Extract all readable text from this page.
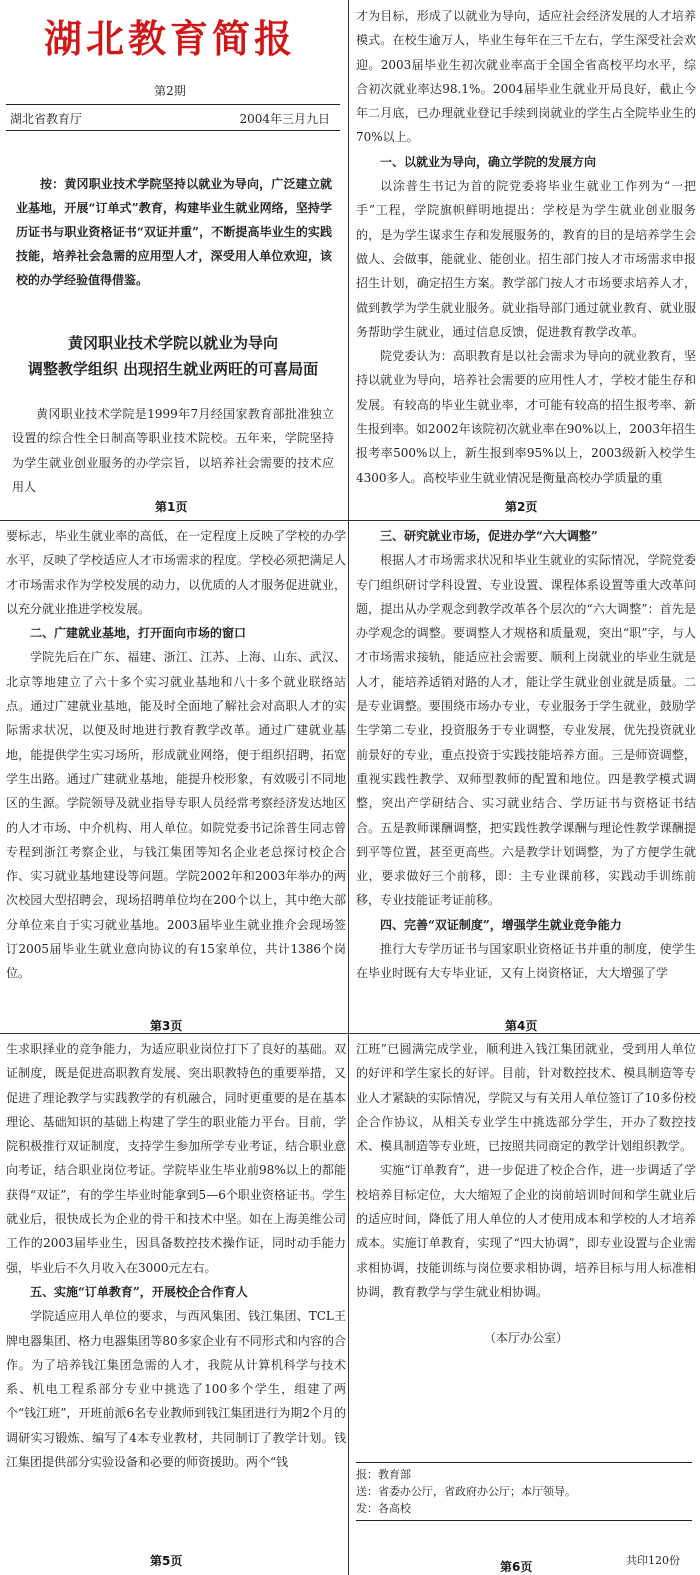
湖北教育简报
第2期
湖北省教育厅	2004年三月九日
按：黄冈职业技术学院坚持以就业为导向，广泛建立就业基地，开展“订单式”教育，构建毕业生就业网络，坚持学历证书与职业资格证书“双证并重”，不断提高毕业生的实践技能，培养社会急需的应用型人才，深受用人单位欢迎，该校的办学经验值得借鉴。
黄冈职业技术学院以就业为导向
调整教学组织 出现招生就业两旺的可喜局面

黄冈职业技术学院是1999年7月经国家教育部批准独立设置的综合性全日制高等职业技术院校。五年来，学院坚持为学生就业创业服务的办学宗旨，以培养社会需要的技术应用人

第1页

才为目标，形成了以就业为导向，适应社会经济发展的人才培养模式。在校生逾万人，毕业生每年在三千左右，学生深受社会欢迎。2003届毕业生初次就业率高于全国全省高校平均水平，综合初次就业率达98.1%。2004届毕业生就业开局良好，截止今年二月底，已办理就业登记手续到岗就业的学生占全院毕业生的70%以上。

一、以就业为导向，确立学院的发展方向

以涂普生书记为首的院党委将毕业生就业工作列为“一把手”工程，学院旗帜鲜明地提出：学校是为学生就业创业服务的，是为学生谋求生存和发展服务的，教育的目的是培养学生会做人、会做事，能就业、能创业。招生部门按人才市场需求申报招生计划，确定招生方案。教学部门按人才市场要求培养人才，做到教学为学生就业服务。就业指导部门通过就业教育、就业服务帮助学生就业，通过信息反馈，促进教育教学改革。

院党委认为：高职教育是以社会需求为导向的就业教育，坚持以就业为导向，培养社会需要的应用性人才，学校才能生存和发展。有较高的毕业生就业率，才可能有较高的招生报考率、新生报到率。如2002年该院初次就业率在90%以上，2003年招生报考率500%以上，新生报到率95%以上，2003级新入校学生4300多人。高校毕业生就业情况是衡量高校办学质量的重

第2页

要标志，毕业生就业率的高低，在一定程度上反映了学校的办学水平，反映了学校适应人才市场需求的程度。学校必须把满足人才市场需求作为学校发展的动力，以优质的人才服务促进就业，以充分就业推进学校发展。

二、广建就业基地，打开面向市场的窗口

学院先后在广东、福建、浙江、江苏、上海、山东、武汉、北京等地建立了六十多个实习就业基地和八十多个就业联络站点。通过广建就业基地，能及时全面地了解社会对高职人才的实际需求状况，以便及时地进行教育教学改革。通过广建就业基地，能提供学生实习场所，形成就业网络，便于组织招聘，拓宽学生出路。通过广建就业基地，能提升校形象，有效吸引不同地区的生源。学院领导及就业指导专职人员经常考察经济发达地区的人才市场、中介机构、用人单位。如院党委书记涂普生同志曾专程到浙江考察企业，与钱江集团等知名企业老总探讨校企合作、实习就业基地建设等问题。学院2002年和2003年举办的两次校园大型招聘会，现场招聘单位均在200个以上，其中绝大部分单位来自于实习就业基地。2003届毕业生就业推介会现场签订2005届毕业生就业意向协议的有15家单位，共计1386个岗位。

第3页
三、研究就业市场，促进办学“六大调整”

根据人才市场需求状况和毕业生就业的实际情况，学院党委专门组织研讨学科设置、专业设置、课程体系设置等重大改革问题，提出从办学观念到教学改革各个层次的“六大调整”：首先是办学观念的调整。要调整人才规格和质量观，突出“职”字，与人才市场需求接轨，能适应社会需要、顺利上岗就业的毕业生就是人才，能培养适销对路的人才，能让学生就业创业就是质量。二是专业调整。要围绕市场办专业，专业服务于学生就业，鼓励学生学第二专业，投资服务于专业调整，专业发展，优先投资就业前景好的专业，重点投资于实践技能培养方面。三是师资调整，重视实践性教学、双师型教师的配置和地位。四是教学模式调整，突出产学研结合、实习就业结合、学历证书与资格证书结合。五是教师课酬调整，把实践性教学课酬与理论性教学课酬提到平等位置，甚至更高些。六是教学计划调整，为了方便学生就业，要求做好三个前移，即：主专业课前移，实践动手训练前移，专业技能证考证前移。

四、完善“双证制度”，增强学生就业竞争能力

推行大专学历证书与国家职业资格证书并重的制度，使学生在毕业时既有大专毕业证，又有上岗资格证，大大增强了学

第4页

生求职择业的竞争能力，为适应职业岗位打下了良好的基础。双证制度，既是促进高职教育发展、突出职教特色的重要举措，又促进了理论教学与实践教学的有机融合，同时更重要的是在基本理论、基础知识的基础上构建了学生的职业能力平台。目前，学院积极推行双证制度，支持学生参加所学专业考证，结合职业意向考证，结合职业岗位考证。学院毕业生毕业前98%以上的都能获得“双证”，有的学生毕业时能拿到5—6个职业资格证书。学生就业后，很快成长为企业的骨干和技术中坚。如在上海美维公司工作的2003届毕业生，因具备数控技术操作证，同时动手能力强，毕业后不久月收入在3000元左右。

五、实施“订单教育”，开展校企合作育人

学院适应用人单位的要求，与西风集团、钱江集团、TCL王牌电器集团、格力电器集团等80多家企业有不同形式和内容的合作。为了培养钱江集团急需的人才，我院从计算机科学与技术系、机电工程系部分专业中挑选了100多个学生，组建了两个“钱江班”，开班前派6名专业教师到钱江集团进行为期2个月的调研实习锻炼、编写了4本专业教材，共同制订了教学计划。钱江集团提供部分实验设备和必要的师资援助。两个“钱

第5页

江班”已圆满完成学业，顺利进入钱江集团就业，受到用人单位的好评和学生家长的好评。目前，针对数控技术、模具制造等专业人才紧缺的实际情况，学院又与有关用人单位签订了10多份校企合作协议，从相关专业学生中挑选部分学生，开办了数控技术、模具制造等专业班，已按照共同商定的教学计划组织教学。

实施“订单教育”，进一步促进了校企合作，进一步调适了学校培养目标定位，大大缩短了企业的岗前培训时间和学生就业后的适应时间，降低了用人单位的人才使用成本和学校的人才培养成本。实施订单教育，实现了“四大协调”，即专业设置与企业需求相协调，技能训练与岗位要求相协调，培养目标与用人标准相协调，教育教学与学生就业相协调。

（本厅办公室）

报：教育部
送：省委办公厅，省政府办公厅；本厅领导。
发：各高校
第6页	共印120份
